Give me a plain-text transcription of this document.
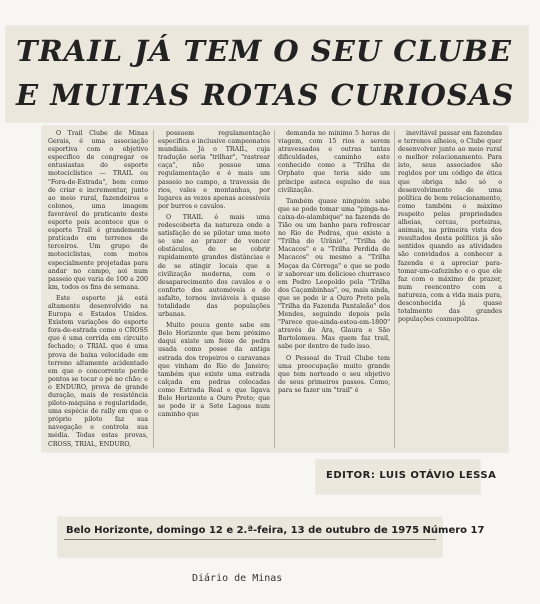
TRAIL JÁ TEM O SEU CLUBE
E MUITAS ROTAS CURIOSAS

O Trail Clube de Minas Gerais, é uma associação esportiva com o objetivo especifico de congregar os entusiastas do esporte motociclístico — TRAIL ou "Fora-de-Estrada", bem como de criar e incrementar, junto ao meio rural, fazendeiros e colonos, uma imagem favorável do praticante deste esporte pois acontece que o esporte Trail é grandemente praticado em terrenos de terceiros. Um grupo de motociclistas, com motos especialmente projetadas para andar no campo, aoi num passeio que varia de 100 a 200 km, todos os fins de semana.

Este esporte já está altamente desenvolvido na Europa e Estados Unidos. Existem variações do esporte fora-de-estrada como o CROSS que é uma corrida em circuito fechado; o TRIAL que é uma prova de baixa velocidade em terreno altamente acidentado em que o concorrente perde pontos se tocar o pé no chão; e o ENDURO, prova de grande duração, mais de resistência piloto-máquina e regularidade, uma espécie de rally em que o próprio piloto faz sua navegação e controla sua média. Todas estas provas, CROSS, TRIAL, ENDURO,

possuem regulamentação especifica e inclusive campeonatos mundiais. Já o TRAIL, cuja tradução seria "trilhar", "rastrear caça", não possue uma regulamentação e é mais um passeio no campo, a travessia de rios, vales e montanhas, por lugares as vezes apenas acessíveis por burros e cavalos.

O TRAIL é mais uma redescoberta da natureza onde a satisfação de se pilotar uma moto se une ao prazer de vencer obstáculos, de se cobrir rapidamente grandes distâncias e de se atingir locais que a civilização moderna, com o desaparecimento dos cavalos e o conforto dos automóveis e do asfalto, tornou inviáveis à quase totalidade das populações urbanas.

Muito pouca gente sabe em Belo Horizonte que bem próximo daqui existe um feixe de pedra usada como posse da antiga estrada dos tropeiros e caravanas que vinham do Rio de Janeiro; também que existe uma estrada calçada em pedras colocadas como Estrada Real e que ligava Belo Horizonte a Ouro Preto; que se pode ir a Sete Lagoas num caminho que

demanda no mínimo 5 horas de viagem, com 15 rios a serem atravessados e outras tantas dificuldades, caminho este conhecido como a "Trilha de Orphato que teria sido um príncipe asteca espulso de sua civilização.

Também quase ninguém sabe que se pode tomar uma "pinga-na-caixa-do-alambique" na fazenda de Tião ou um banho para refrescar no Rio de Pedras, que existe a "Trilha do Urânio", "Trilha de Macacos" e a "Trilha Perdida de Macacos" ou mesmo a "Trilha Moças da Córrega" e que se pode ir saborear um delicioso churrasco em Pedro Leopoldo pela "Trilha dos Caçambinhas", ou, mais ainda, que se pode ir a Ouro Preto pela "Trilha da Fazenda Pantaleão" dos Mendes, seguindo depois pela "Parece que-ainda-estou-em-1800" através de Ara, Glaura e São Bartolomeu. Mas quem faz trail, sabe por dentro de tudo isso.

O Pessoal do Trail Clube tem uma preocupação muito grande que tem norteado o seu objetivo de seus primeiros passos. Como, para se fazer um "trail" é

inevitável passar em fazendas e terrenos alheios, o Clube quer desenvolver junto ao meio rural o melhor relacionamento. Para isto, seus associados são regidos por um código de ética que obriga não só o desenvolvimento de uma política de bom relacionamento, como também o máximo respeito pelas propriedades alheias, cercas, porteiras, animais, na primeira vista dos resultados desta política já são sentidos quando as atividades são convidados a conhecer a fazenda e a apreciar para-tomar-um-cafezinho e o que ele faz com o máximo de prazer, num reencontro com a natureza, com a vida mais pura, desconhecida já quase totalmente das grandes populações cosmopolitas.

EDITOR: LUIS OTÁVIO LESSA

Belo Horizonte, domingo 12 e 2.ª-feira, 13 de outubro de 1975 Número 17

Diário de Minas
